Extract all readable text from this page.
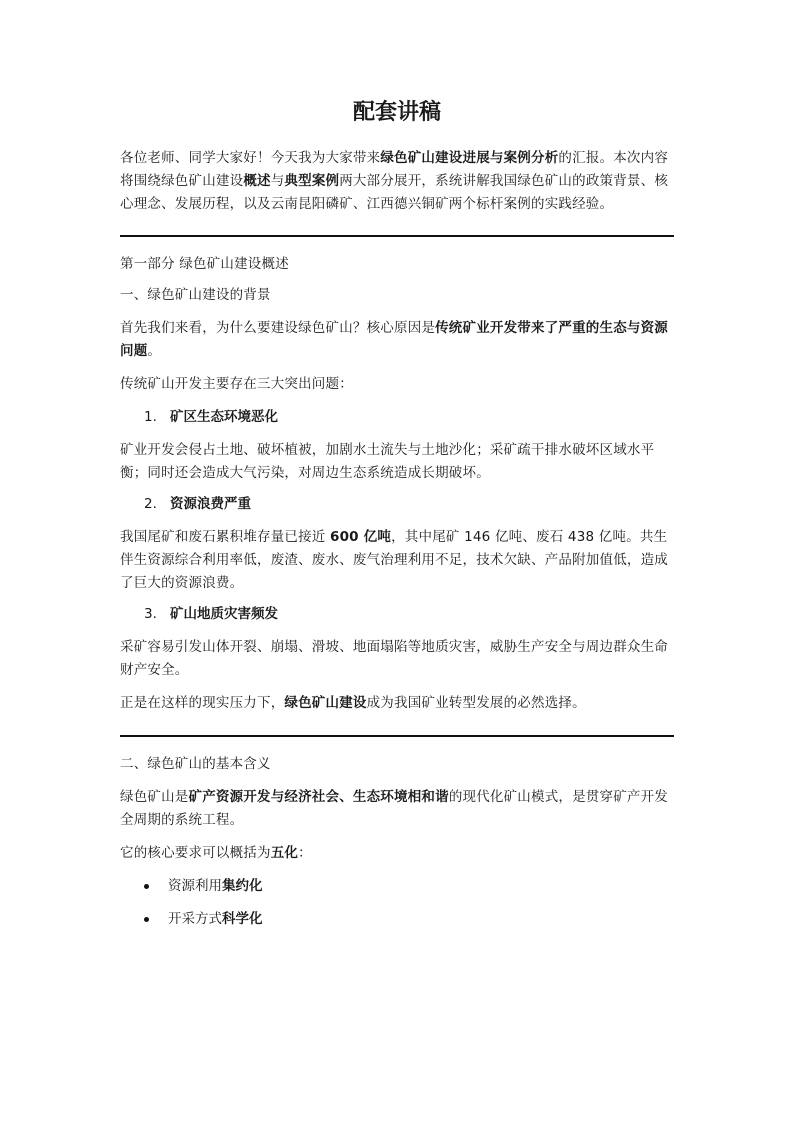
配套讲稿

各位老师、同学大家好！今天我为大家带来绿色矿山建设进展与案例分析的汇报。本次内容将围绕绿色矿山建设概述与典型案例两大部分展开，系统讲解我国绿色矿山的政策背景、核心理念、发展历程，以及云南昆阳磷矿、江西德兴铜矿两个标杆案例的实践经验。

第一部分 绿色矿山建设概述

一、绿色矿山建设的背景

首先我们来看，为什么要建设绿色矿山？核心原因是传统矿业开发带来了严重的生态与资源问题。

传统矿山开发主要存在三大突出问题：

1. 矿区生态环境恶化

矿业开发会侵占土地、破坏植被，加剧水土流失与土地沙化；采矿疏干排水破坏区域水平衡；同时还会造成大气污染，对周边生态系统造成长期破坏。

2. 资源浪费严重

我国尾矿和废石累积堆存量已接近 600 亿吨，其中尾矿 146 亿吨、废石 438 亿吨。共生伴生资源综合利用率低，废渣、废水、废气治理利用不足，技术欠缺、产品附加值低，造成了巨大的资源浪费。

3. 矿山地质灾害频发

采矿容易引发山体开裂、崩塌、滑坡、地面塌陷等地质灾害，威胁生产安全与周边群众生命财产安全。

正是在这样的现实压力下，绿色矿山建设成为我国矿业转型发展的必然选择。

二、绿色矿山的基本含义

绿色矿山是矿产资源开发与经济社会、生态环境相和谐的现代化矿山模式，是贯穿矿产开发全周期的系统工程。

它的核心要求可以概括为五化：

资源利用集约化
开采方式科学化
